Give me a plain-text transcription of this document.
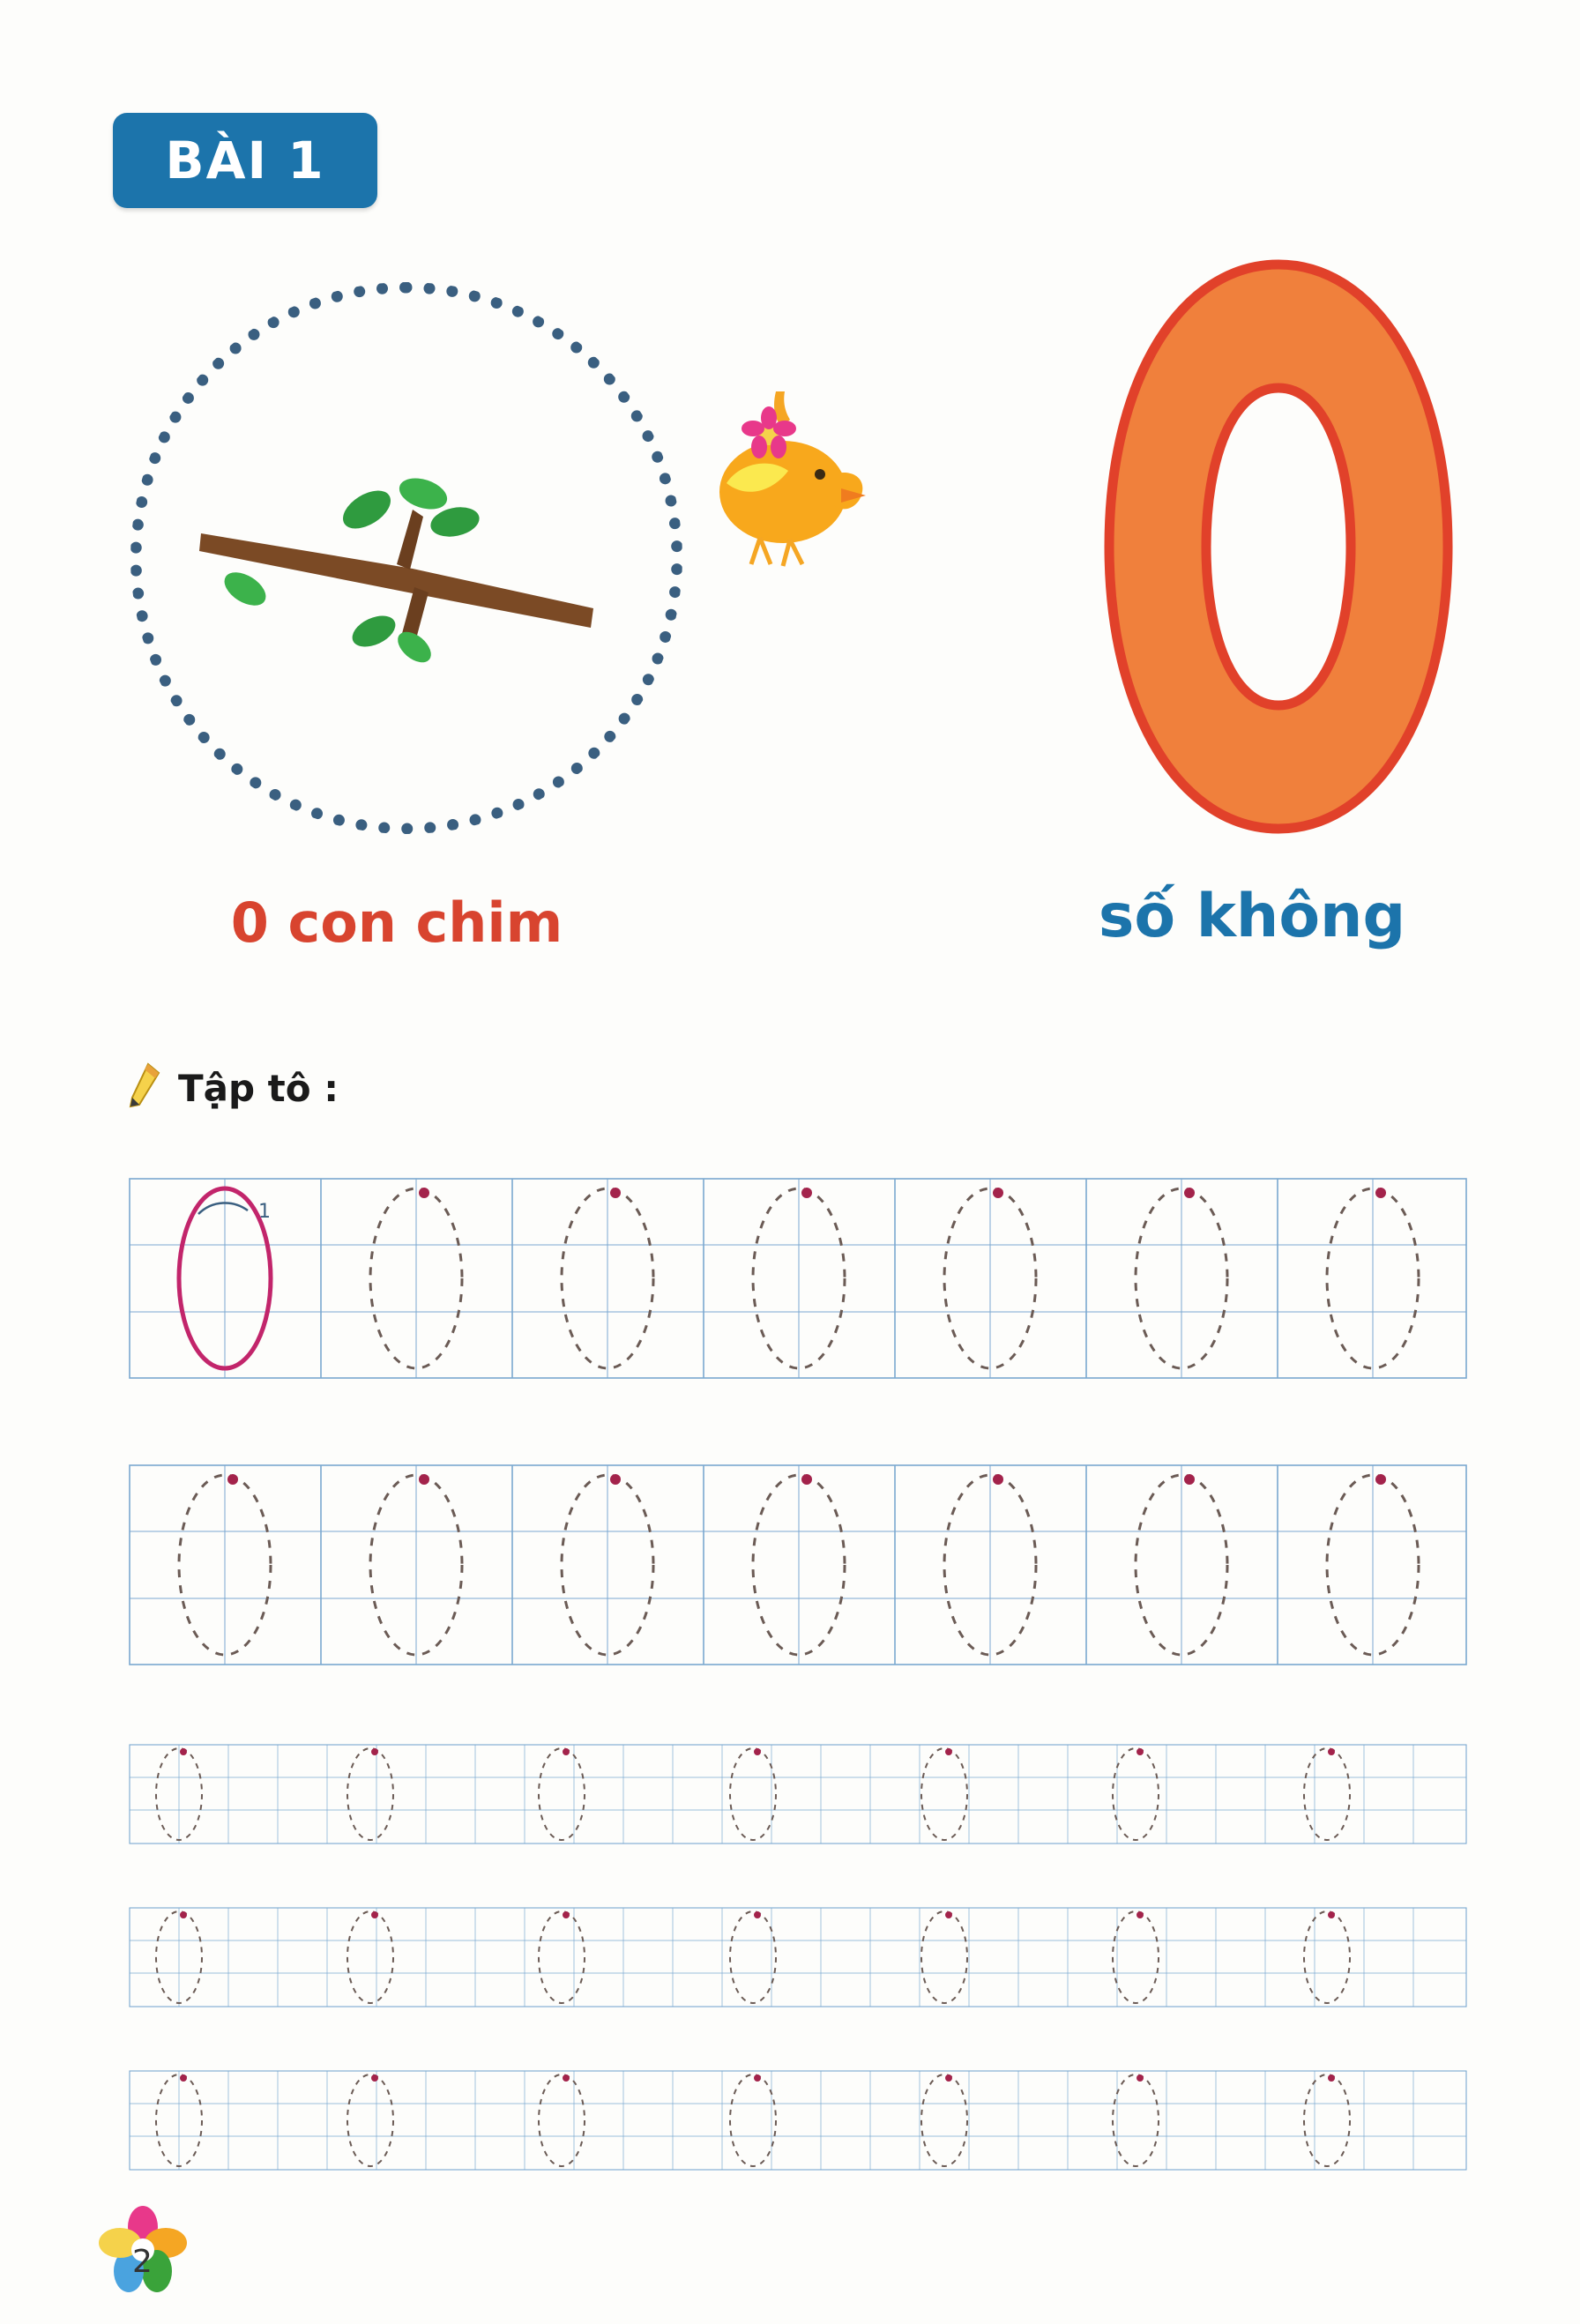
BÀI 1
0 con chim	số không
Tập tô :
1
2
